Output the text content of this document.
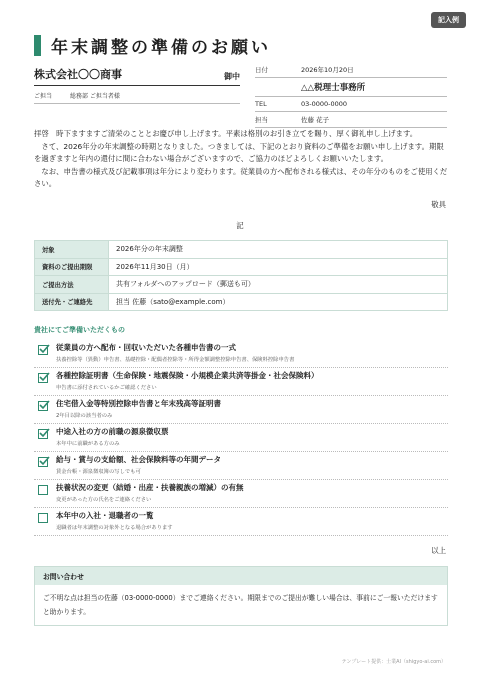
記入例
年末調整の準備のお願い
株式会社〇〇商事	御中
ご担当	総務部 ご担当者様
日付	2026年10月20日
△△税理士事務所
TEL	03-0000-0000
担当	佐藤 花子

拝啓　時下ますますご清栄のこととお慶び申し上げます。平素は格別のお引き立てを賜り、厚く御礼申し上げます。

　さて、2026年分の年末調整の時期となりました。つきましては、下記のとおり資料のご準備をお願い申し上げます。期限を過ぎますと年内の還付に間に合わない場合がございますので、ご協力のほどよろしくお願いいたします。

　なお、申告書の様式及び記載事項は年分により変わります。従業員の方へ配布される様式は、その年分のものをご使用ください。

敬具
記
対象	2026年分の年末調整
資料のご提出期限	2026年11月30日（月）
ご提出方法	共有フォルダへのアップロード（郵送も可）
送付先・ご連絡先	担当 佐藤（sato@example.com）
貴社にてご準備いただくもの
従業員の方へ配布・回収いただいた各種申告書の一式
扶養控除等（異動）申告書、基礎控除・配偶者控除等・所得金額調整控除申告書、保険料控除申告書
各種控除証明書（生命保険・地震保険・小規模企業共済等掛金・社会保険料）
申告書に添付されているかご確認ください
住宅借入金等特別控除申告書と年末残高等証明書
2年目以降の該当者のみ
中途入社の方の前職の源泉徴収票
本年中に前職がある方のみ
給与・賞与の支給額、社会保険料等の年間データ
賃金台帳・源泉徴収簿の写しでも可
扶養状況の変更（結婚・出産・扶養親族の増減）の有無
変更があった方の氏名をご連絡ください
本年中の入社・退職者の一覧
退職者は年末調整の対象外となる場合があります
以上
お問い合わせ
ご不明な点は担当の佐藤（03-0000-0000）までご連絡ください。期限までのご提出が難しい場合は、事前にご一報いただけますと助かります。
テンプレート提供：士業AI（shigyo-ai.com）
